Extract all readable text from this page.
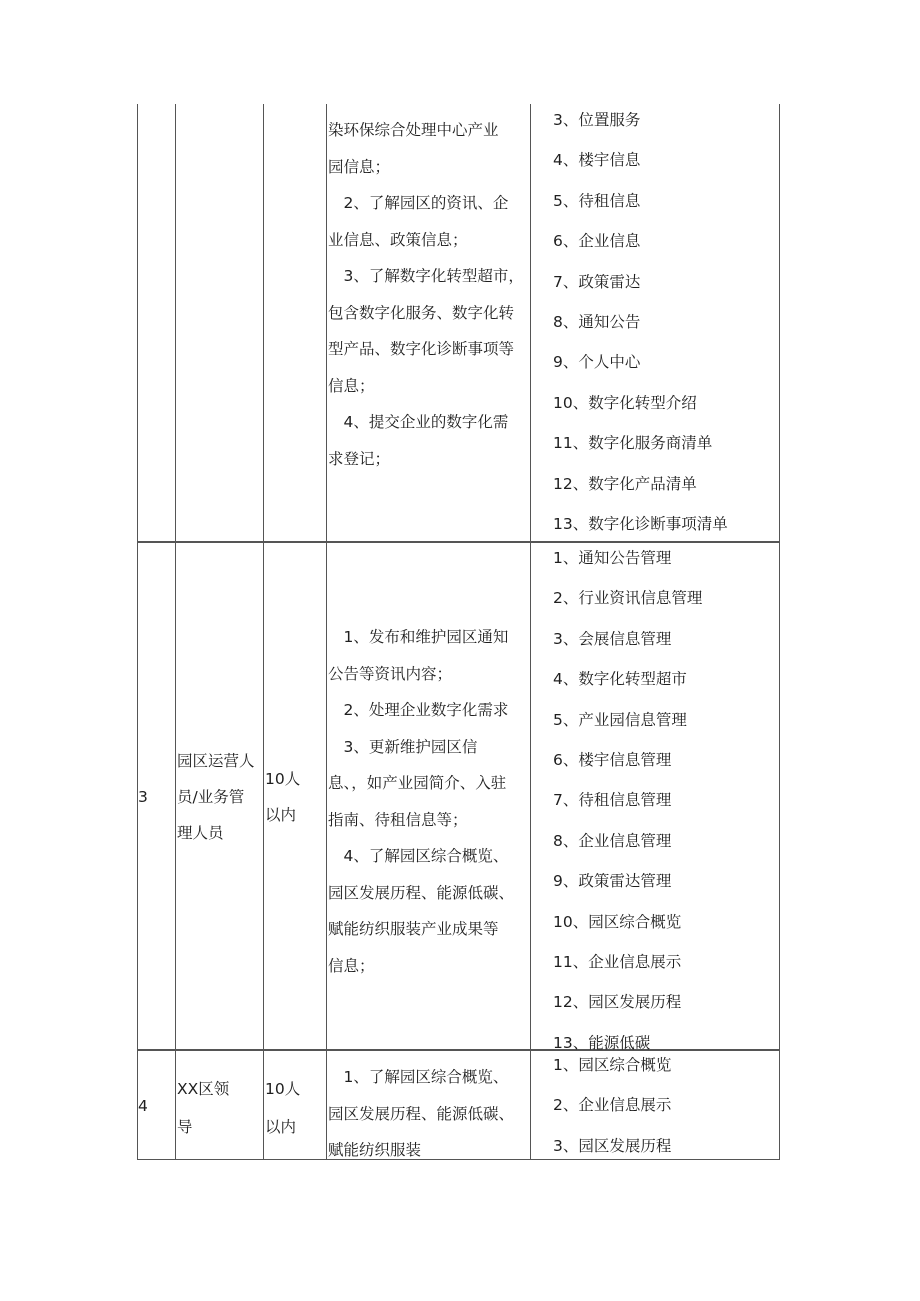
染环保综合处理中心产业

园信息；

　2、了解园区的资讯、企

业信息、政策信息；

　3、了解数字化转型超市，

包含数字化服务、数字化转

型产品、数字化诊断事项等

信息；

　4、提交企业的数字化需

求登记；

3、位置服务
4、楼宇信息
5、待租信息
6、企业信息
7、政策雷达
8、通知公告
9、个人中心
10、数字化转型介绍
11、数字化服务商清单
12、数字化产品清单
13、数字化诊断事项清单
3
园区运营人
员/业务管
理人员
10人
以内

　1、发布和维护园区通知

公告等资讯内容；

　2、处理企业数字化需求

　3、更新维护园区信

息、，如产业园简介、入驻

指南、待租信息等；

　4、了解园区综合概览、

园区发展历程、能源低碳、

赋能纺织服装产业成果等

信息；

1、通知公告管理
2、行业资讯信息管理
3、会展信息管理
4、数字化转型超市
5、产业园信息管理
6、楼宇信息管理
7、待租信息管理
8、企业信息管理
9、政策雷达管理
10、园区综合概览
11、企业信息展示
12、园区发展历程
13、能源低碳
4
XX区领
导
10人
以内

　1、了解园区综合概览、

园区发展历程、能源低碳、

赋能纺织服装

1、园区综合概览
2、企业信息展示
3、园区发展历程
